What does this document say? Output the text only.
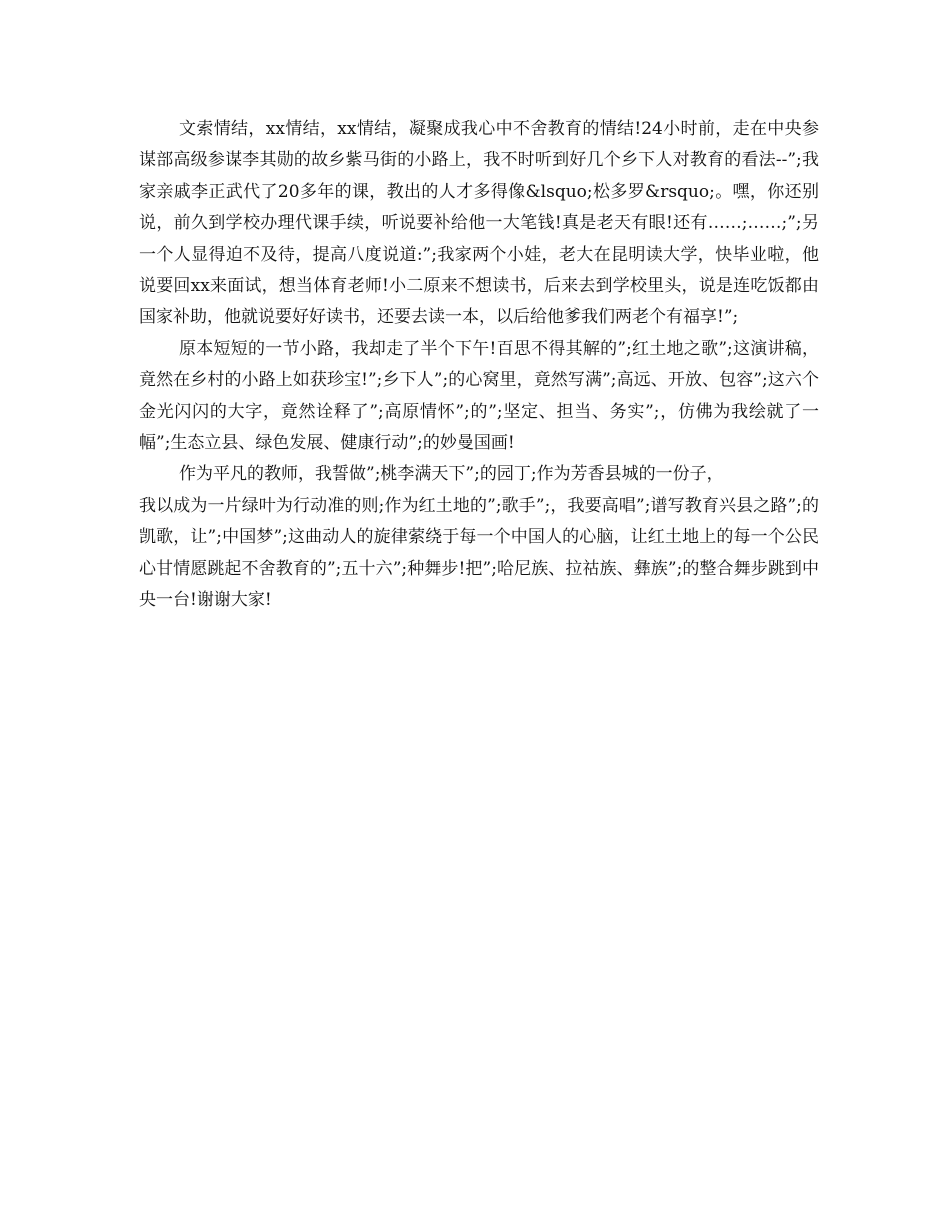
文索情结，xx情结，xx情结，凝聚成我心中不舍教育的情结!24小时前，走在中央参谋部高级参谋李其勋的故乡紫马街的小路上，我不时听到好几个乡下人对教育的看法--”;我家亲戚李正武代了20多年的课，教出的人才多得像&lsquo;松多罗&rsquo;。嘿，你还别说，前久到学校办理代课手续，听说要补给他一大笔钱!真是老天有眼!还有……;……;”;另一个人显得迫不及待，提高八度说道:”;我家两个小娃，老大在昆明读大学，快毕业啦，他说要回xx来面试，想当体育老师!小二原来不想读书，后来去到学校里头，说是连吃饭都由国家补助，他就说要好好读书，还要去读一本，以后给他爹我们两老个有福享!”;

原本短短的一节小路，我却走了半个下午!百思不得其解的”;红土地之歌”;这演讲稿，竟然在乡村的小路上如获珍宝!”;乡下人”;的心窝里，竟然写满”;高远、开放、包容”;这六个金光闪闪的大字，竟然诠释了”;高原情怀”;的”;坚定、担当、务实”;，仿佛为我绘就了一幅”;生态立县、绿色发展、健康行动”;的妙曼国画!

作为平凡的教师，我誓做”;桃李满天下”;的园丁;作为芳香县城的一份子，

我以成为一片绿叶为行动准的则;作为红土地的”;歌手”;，我要高唱”;谱写教育兴县之路”;的凯歌，让”;中国梦”;这曲动人的旋律萦绕于每一个中国人的心脑，让红土地上的每一个公民心甘情愿跳起不舍教育的”;五十六”;种舞步!把”;哈尼族、拉祜族、彝族”;的整合舞步跳到中央一台!谢谢大家!
